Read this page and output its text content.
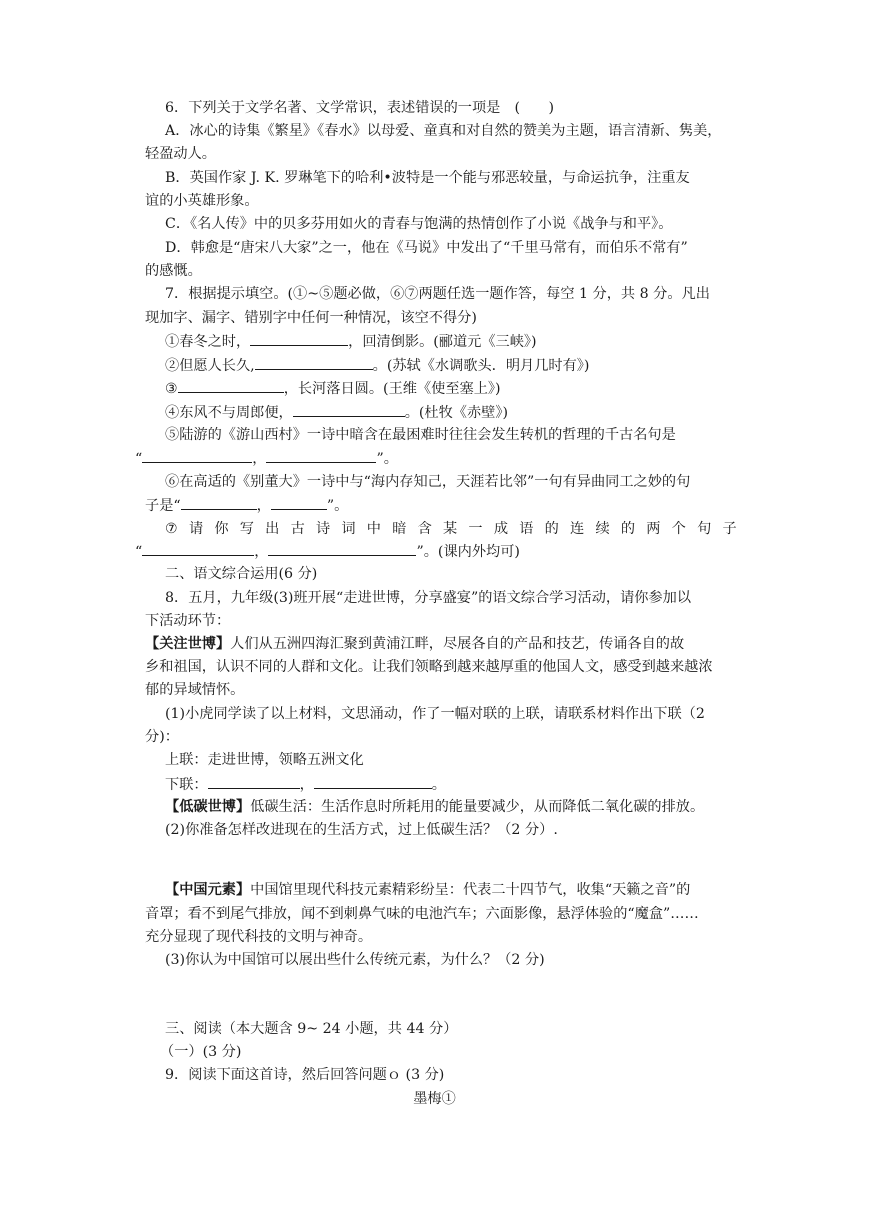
6．下列关于文学名著、文学常识，表述错误的一项是　(　　)
A．冰心的诗集《繁星》《春水》以母爱、童真和对自然的赞美为主题，语言清新、隽美，
轻盈动人。
B．英国作家 J. K. 罗琳笔下的哈利•波特是一个能与邪恶较量，与命运抗争，注重友
谊的小英雄形象。
C．《名人传》中的贝多芬用如火的青春与饱满的热情创作了小说《战争与和平》。
D．韩愈是“唐宋八大家”之一，他在《马说》中发出了“千里马常有，而伯乐不常有”
的感慨。
7．根据提示填空。(①~⑤题必做，⑥⑦两题任选一题作答，每空 1 分，共 8 分。凡出
现加字、漏字、错别字中任何一种情况，该空不得分)
①春冬之时，	，回清倒影。(郦道元《三峡》)
②但愿人长久,	。(苏轼《水调歌头．明月几时有》)
③	，长河落日圆。(王维《使至塞上》)
④东风不与周郎便，	。(杜牧《赤壁》)
⑤陆游的《游山西村》一诗中暗含在最困难时往往会发生转机的哲理的千古名句是
“	，	”。
⑥在高适的《别董大》一诗中与“海内存知己，天涯若比邻”一句有异曲同工之妙的句
子是“	，	”。
⑦ 请 你 写 出 古 诗 词 中 暗 含 某 一 成 语 的 连 续 的 两 个 句 子
“	，	”。(课内外均可)
二、语文综合运用(6 分)
8．五月，九年级(3)班开展“走进世博，分享盛宴”的语文综合学习活动，请你参加以
下活动环节：
【关注世博】人们从五洲四海汇聚到黄浦江畔，尽展各自的产品和技艺，传诵各自的故
乡和祖国，认识不同的人群和文化。让我们领略到越来越厚重的他国人文，感受到越来越浓
郁的异域情怀。
(1)小虎同学读了以上材料，文思涌动，作了一幅对联的上联，请联系材料作出下联（2
分)：
上联：走进世博，领略五洲文化
下联：	，	。
【低碳世博】低碳生活：生活作息时所耗用的能量要减少，从而降低二氧化碳的排放。
(2)你准备怎样改进现在的生活方式，过上低碳生活？（2 分）.
【中国元素】中国馆里现代科技元素精彩纷呈：代表二十四节气，收集“天籁之音”的
音罩；看不到尾气排放，闻不到刺鼻气味的电池汽车；六面影像，悬浮体验的“魔盒”……
充分显现了现代科技的文明与神奇。
(3)你认为中国馆可以展出些什么传统元素，为什么？（2 分)
三、阅读（本大题含 9~ 24 小题，共 44 分）
（一）(3 分)
9．阅读下面这首诗，然后回答问题ｏ (3 分)
墨梅①
